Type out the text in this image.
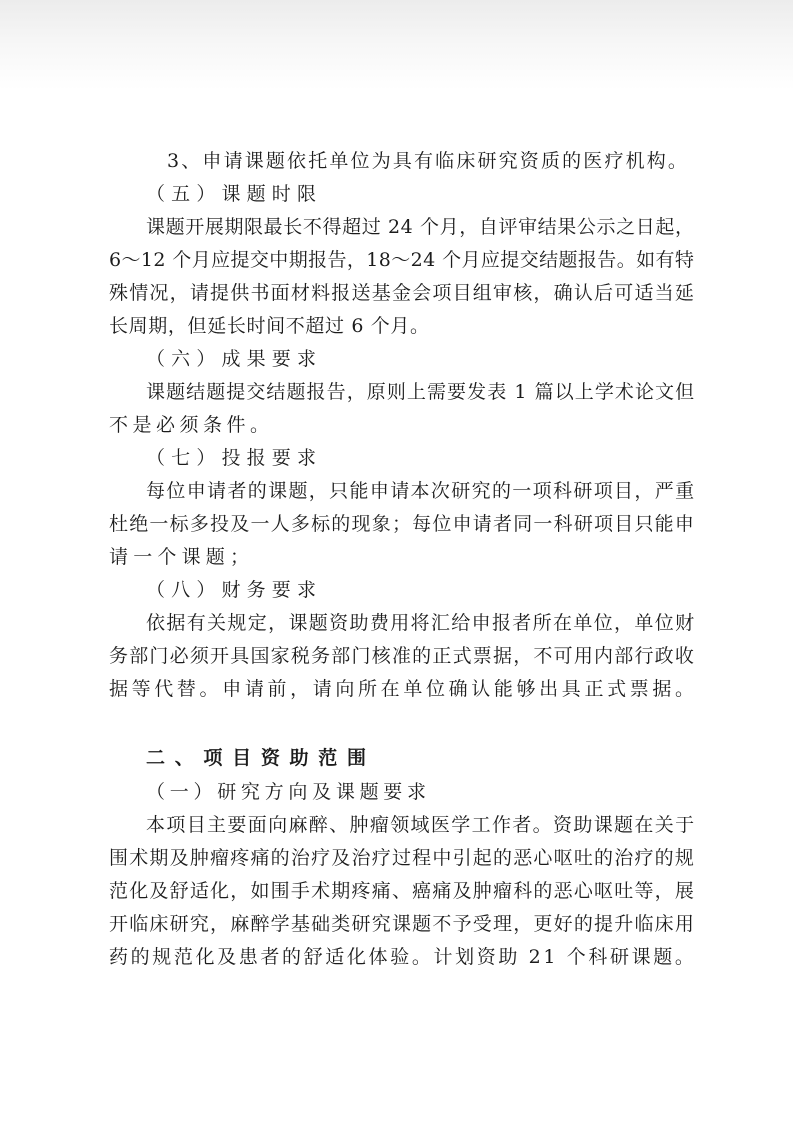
3、申请课题依托单位为具有临床研究资质的医疗机构。
（五）课题时限
课题开展期限最长不得超过 24 个月，自评审结果公示之日起，
6～12 个月应提交中期报告，18～24 个月应提交结题报告。如有特
殊情况，请提供书面材料报送基金会项目组审核，确认后可适当延
长周期，但延长时间不超过 6 个月。
（六）成果要求
课题结题提交结题报告，原则上需要发表 1 篇以上学术论文但
不是必须条件。
（七）投报要求
每位申请者的课题，只能申请本次研究的一项科研项目，严重
杜绝一标多投及一人多标的现象；每位申请者同一科研项目只能申
请一个课题；
（八）财务要求
依据有关规定，课题资助费用将汇给申报者所在单位，单位财
务部门必须开具国家税务部门核准的正式票据，不可用内部行政收
据等代替。申请前，请向所在单位确认能够出具正式票据。
二、项目资助范围
（一）研究方向及课题要求
本项目主要面向麻醉、肿瘤领域医学工作者。资助课题在关于
围术期及肿瘤疼痛的治疗及治疗过程中引起的恶心呕吐的治疗的规
范化及舒适化，如围手术期疼痛、癌痛及肿瘤科的恶心呕吐等，展
开临床研究，麻醉学基础类研究课题不予受理，更好的提升临床用
药的规范化及患者的舒适化体验。计划资助 21 个科研课题。
